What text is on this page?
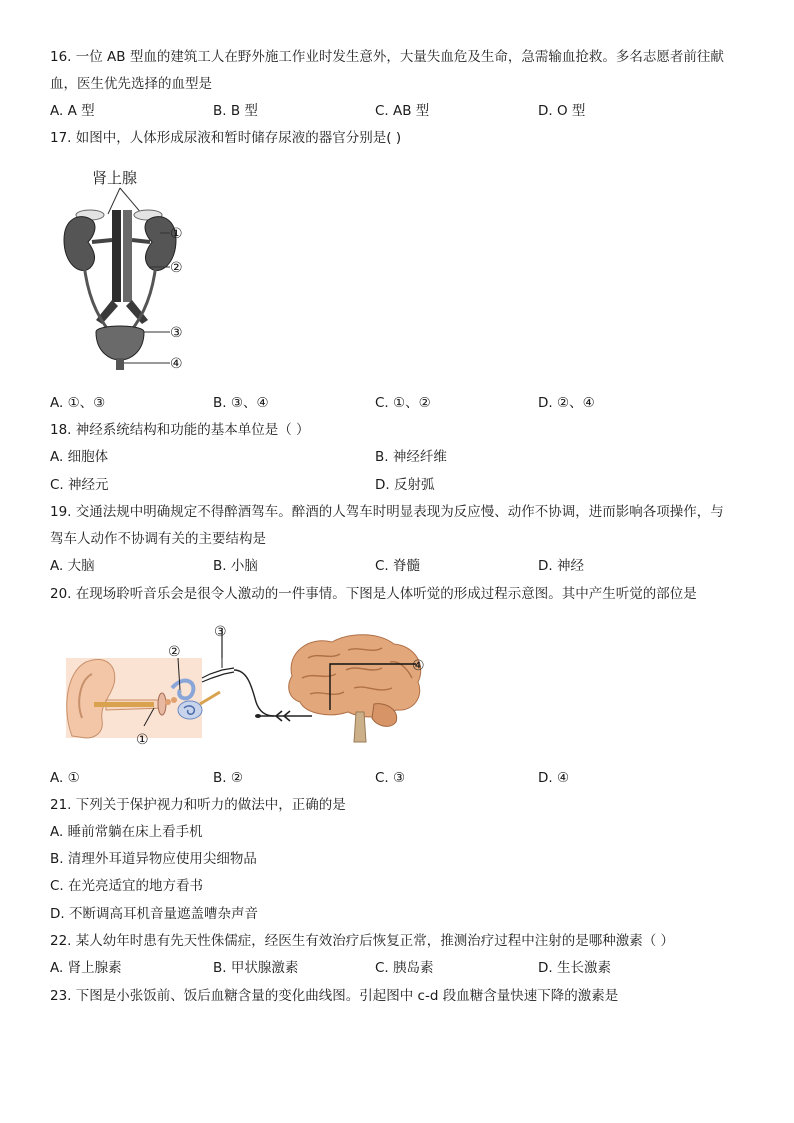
16. 一位 AB 型血的建筑工人在野外施工作业时发生意外，大量失血危及生命，急需输血抢救。多名志愿者前往献
血，医生优先选择的血型是
A. A 型	B. B 型	C. AB 型	D. O 型
17. 如图中，人体形成尿液和暂时储存尿液的器官分别是( )
肾上腺
①
②
③
④
A. ①、③	B. ③、④	C. ①、②	D. ②、④
18. 神经系统结构和功能的基本单位是（ ）
A. 细胞体	B. 神经纤维
C. 神经元	D. 反射弧
19. 交通法规中明确规定不得醉酒驾车。醉酒的人驾车时明显表现为反应慢、动作不协调，进而影响各项操作，与
驾车人动作不协调有关的主要结构是
A. 大脑	B. 小脑	C. 脊髓	D. 神经
20. 在现场聆听音乐会是很令人激动的一件事情。下图是人体听觉的形成过程示意图。其中产生听觉的部位是
②
①
③
④
A. ①	B. ②	C. ③	D. ④
21. 下列关于保护视力和听力的做法中，正确的是
A. 睡前常躺在床上看手机
B. 清理外耳道异物应使用尖细物品
C. 在光亮适宜的地方看书
D. 不断调高耳机音量遮盖嘈杂声音
22. 某人幼年时患有先天性侏儒症，经医生有效治疗后恢复正常，推测治疗过程中注射的是哪种激素（ ）
A. 肾上腺素	B. 甲状腺激素	C. 胰岛素	D. 生长激素
23. 下图是小张饭前、饭后血糖含量的变化曲线图。引起图中 c-d 段血糖含量快速下降的激素是
